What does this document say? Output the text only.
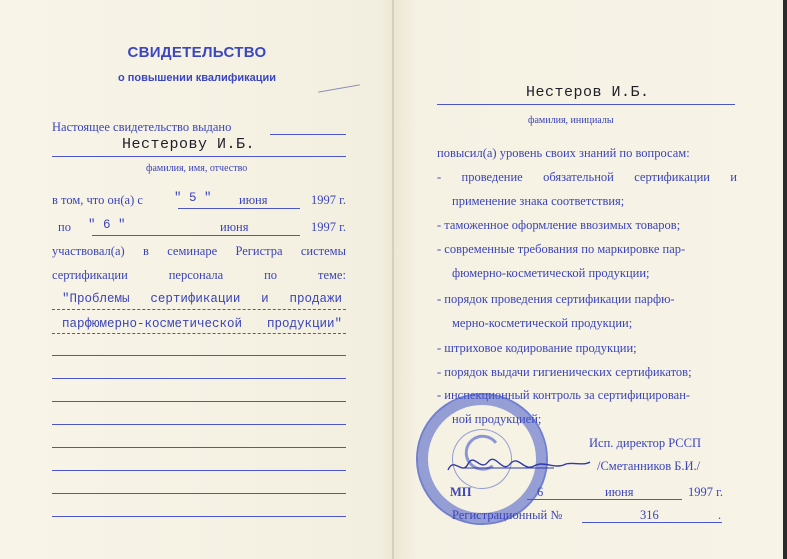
СВИДЕТЕЛЬСТВО
о повышении квалификации
Настоящее свидетельство выдано
Нестерову И.Б.
фамилия, имя, отчество
в том, что он(а) с " 5 " июня	1997 г.
по " 6 "	июня	1997 г.
участвовал(а) в семинаре Регистра системы
сертификации	персонала	по	теме:
"Проблемы сертификации и продажи
парфюмерно-косметической продукции"
Нестеров И.Б.
фамилия, инициалы
повысил(а) уровень своих знаний по вопросам:
- проведение обязательной сертификации и
применение знака соответствия;
- таможенное оформление ввозимых товаров;
- современные требования по маркировке пар-
фюмерно-косметической продукции;
- порядок проведения сертификации парфю-
мерно-косметической продукции;
- штриховое кодирование продукции;
- порядок выдачи гигиенических сертификатов;
- инспекционный контроль за сертифицирован-
ной продукцией;
Исп. директор РССП
/Сметанников Б.И./
МП	6	июня	1997 г.
Регистрационный №	316	.
